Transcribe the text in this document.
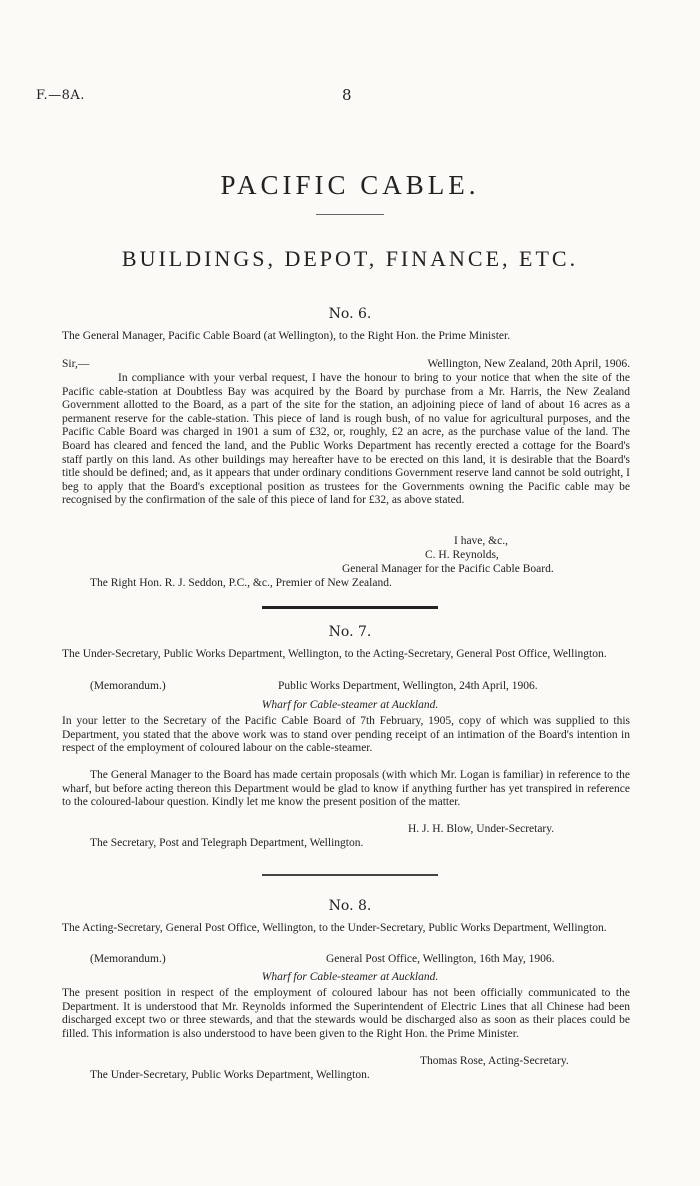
F.—8A.	8
PACIFIC CABLE.
BUILDINGS, DEPOT, FINANCE, ETC.
No. 6.
The General Manager, Pacific Cable Board (at Wellington), to the Right Hon. the Prime Minister.
Sir,—	Wellington, New Zealand, 20th April, 1906.
In compliance with your verbal request, I have the honour to bring to your notice that when the site of the Pacific cable-station at Doubtless Bay was acquired by the Board by purchase from a Mr. Harris, the New Zealand Government allotted to the Board, as a part of the site for the station, an adjoining piece of land of about 16 acres as a permanent reserve for the cable-station. This piece of land is rough bush, of no value for agricultural purposes, and the Pacific Cable Board was charged in 1901 a sum of £32, or, roughly, £2 an acre, as the purchase value of the land. The Board has cleared and fenced the land, and the Public Works Department has recently erected a cottage for the Board's staff partly on this land. As other buildings may hereafter have to be erected on this land, it is desirable that the Board's title should be defined; and, as it appears that under ordinary conditions Government reserve land cannot be sold outright, I beg to apply that the Board's exceptional position as trustees for the Governments owning the Pacific cable may be recognised by the confirmation of the sale of this piece of land for £32, as above stated.
I have, &c.,
C. H. Reynolds,
General Manager for the Pacific Cable Board.
The Right Hon. R. J. Seddon, P.C., &c., Premier of New Zealand.
No. 7.
The Under-Secretary, Public Works Department, Wellington, to the Acting-Secretary, General Post Office, Wellington.
(Memorandum.)	Public Works Department, Wellington, 24th April, 1906.
Wharf for Cable-steamer at Auckland.
In your letter to the Secretary of the Pacific Cable Board of 7th February, 1905, copy of which was supplied to this Department, you stated that the above work was to stand over pending receipt of an intimation of the Board's intention in respect of the employment of coloured labour on the cable-steamer.
The General Manager to the Board has made certain proposals (with which Mr. Logan is familiar) in reference to the wharf, but before acting thereon this Department would be glad to know if anything further has yet transpired in reference to the coloured-labour question. Kindly let me know the present position of the matter.
H. J. H. Blow, Under-Secretary.
The Secretary, Post and Telegraph Department, Wellington.
No. 8.
The Acting-Secretary, General Post Office, Wellington, to the Under-Secretary, Public Works Department, Wellington.
(Memorandum.)	General Post Office, Wellington, 16th May, 1906.
Wharf for Cable-steamer at Auckland.
The present position in respect of the employment of coloured labour has not been officially communicated to the Department. It is understood that Mr. Reynolds informed the Superintendent of Electric Lines that all Chinese had been discharged except two or three stewards, and that the stewards would be discharged also as soon as their places could be filled. This information is also understood to have been given to the Right Hon. the Prime Minister.
Thomas Rose, Acting-Secretary.
The Under-Secretary, Public Works Department, Wellington.
